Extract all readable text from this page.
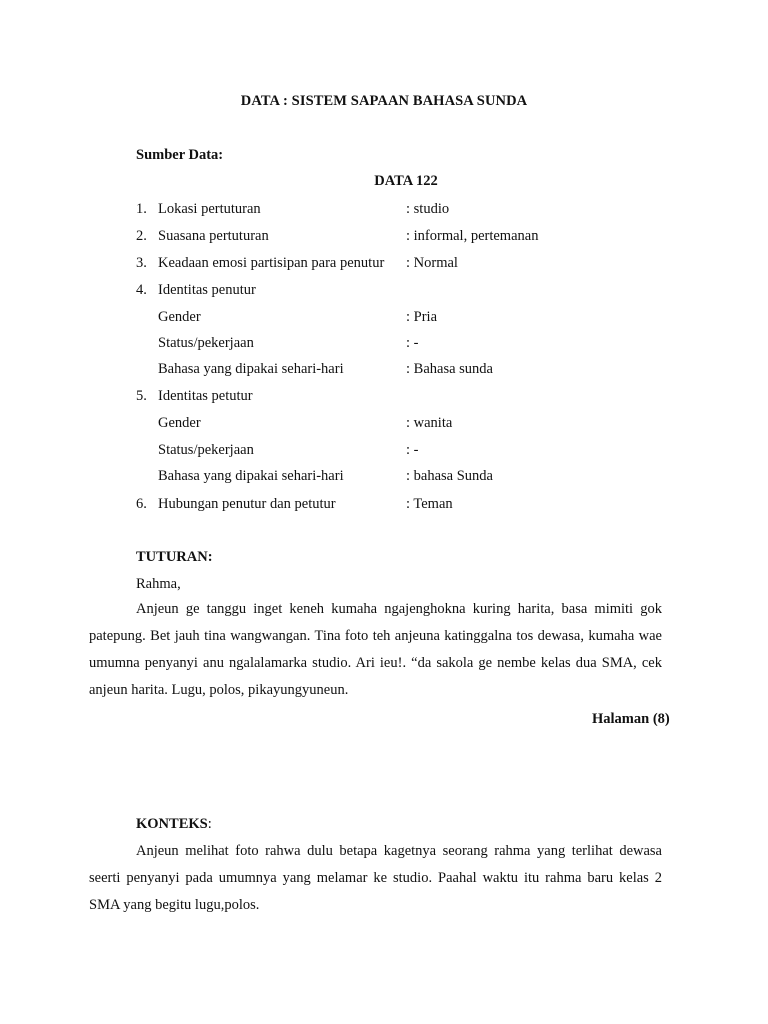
DATA : SISTEM SAPAAN BAHASA SUNDA
Sumber Data:
DATA 122
1. Lokasi pertuturan	: studio
2. Suasana pertuturan	: informal, pertemanan
3. Keadaan emosi partisipan para penutur : Normal
4. Identitas penutur
Gender	: Pria
Status/pekerjaan	: -
Bahasa yang dipakai sehari-hari	: Bahasa sunda
5. Identitas petutur
Gender	: wanita
Status/pekerjaan	: -
Bahasa yang dipakai sehari-hari	: bahasa Sunda
6. Hubungan penutur dan petutur	: Teman
TUTURAN:
Rahma,
Anjeun ge tanggu inget keneh kumaha ngajenghokna kuring harita, basa mimiti gok patepung. Bet jauh tina wangwangan. Tina foto teh anjeuna katinggalna tos dewasa, kumaha wae umumna penyanyi anu ngalalamarka studio. Ari ieu!. “da sakola ge nembe kelas dua SMA, cek anjeun harita. Lugu, polos, pikayungyuneun.
Halaman (8)
KONTEKS:
Anjeun melihat foto rahwa dulu betapa kagetnya seorang rahma yang terlihat dewasa seerti penyanyi pada umumnya yang melamar ke studio. Paahal waktu itu rahma baru kelas 2 SMA yang begitu lugu,polos.
